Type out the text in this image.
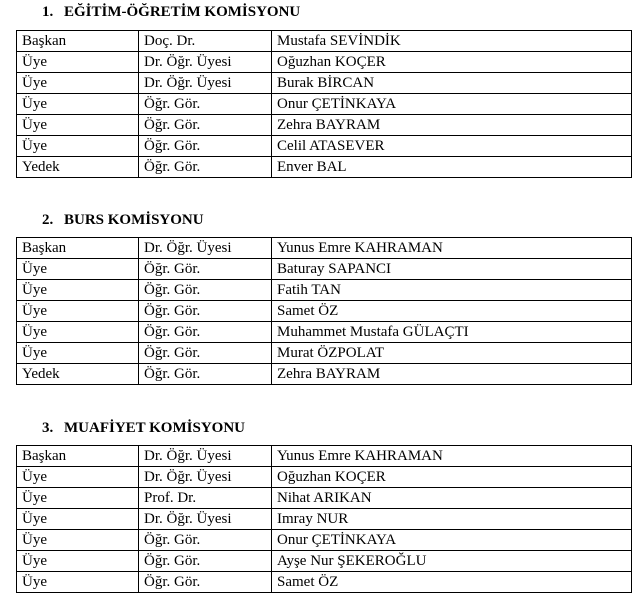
1. EĞİTİM-ÖĞRETİM KOMİSYONU
Başkan	Doç. Dr.	Mustafa SEVİNDİK
Üye	Dr. Öğr. Üyesi	Oğuzhan KOÇER
Üye	Dr. Öğr. Üyesi	Burak BİRCAN
Üye	Öğr. Gör.	Onur ÇETİNKAYA
Üye	Öğr. Gör.	Zehra BAYRAM
Üye	Öğr. Gör.	Celil ATASEVER
Yedek	Öğr. Gör.	Enver BAL
2. BURS KOMİSYONU
Başkan	Dr. Öğr. Üyesi	Yunus Emre KAHRAMAN
Üye	Öğr. Gör.	Baturay SAPANCI
Üye	Öğr. Gör.	Fatih TAN
Üye	Öğr. Gör.	Samet ÖZ
Üye	Öğr. Gör.	Muhammet Mustafa GÜLAÇTI
Üye	Öğr. Gör.	Murat ÖZPOLAT
Yedek	Öğr. Gör.	Zehra BAYRAM
3. MUAFİYET KOMİSYONU
Başkan	Dr. Öğr. Üyesi	Yunus Emre KAHRAMAN
Üye	Dr. Öğr. Üyesi	Oğuzhan KOÇER
Üye	Prof. Dr.	Nihat ARIKAN
Üye	Dr. Öğr. Üyesi	Imray NUR
Üye	Öğr. Gör.	Onur ÇETİNKAYA
Üye	Öğr. Gör.	Ayşe Nur ŞEKEROĞLU
Üye	Öğr. Gör.	Samet ÖZ
